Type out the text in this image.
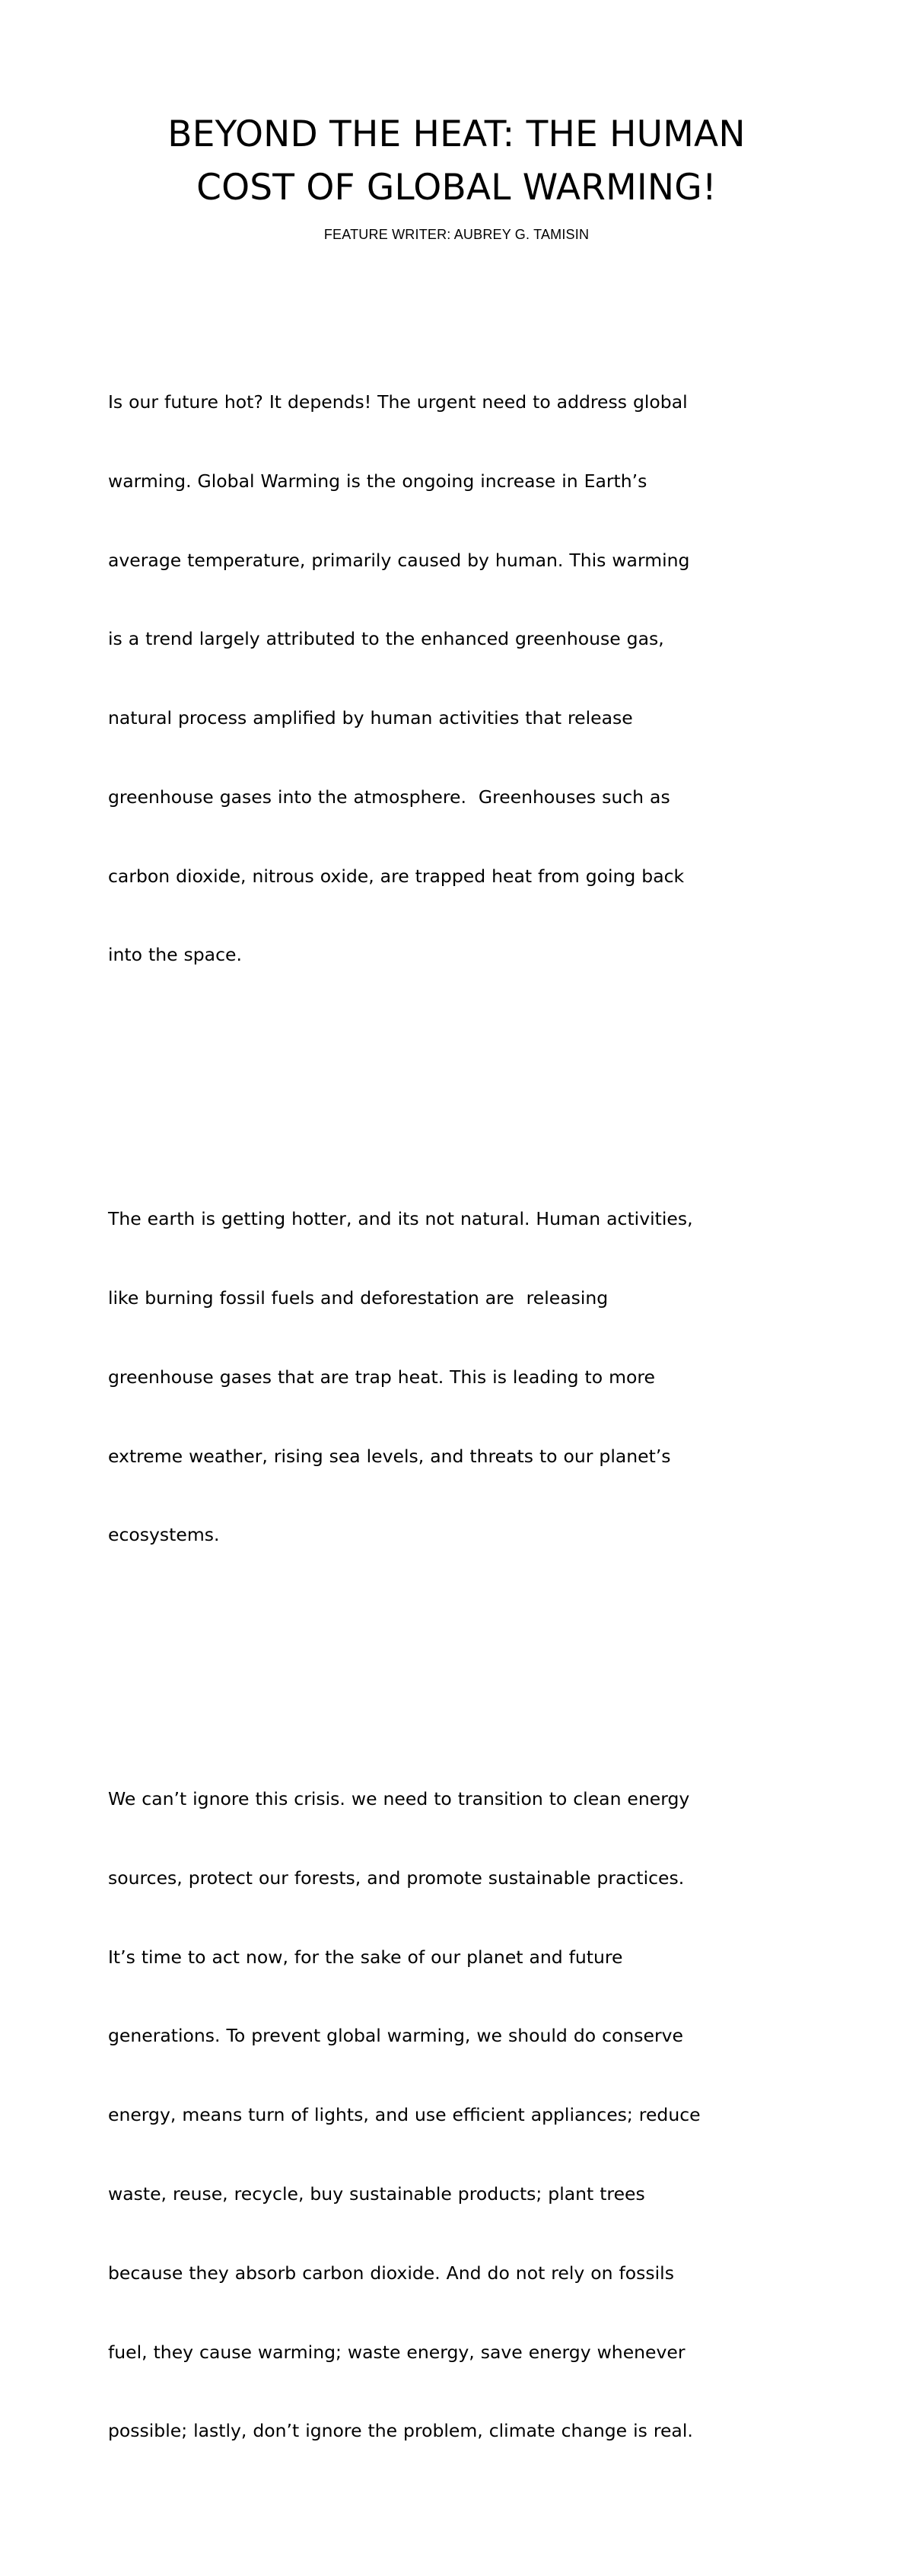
BEYOND THE HEAT: THE HUMAN
COST OF GLOBAL WARMING!

FEATURE WRITER: AUBREY G. TAMISIN

Is our future hot? It depends! The urgent need to address global

warming. Global Warming is the ongoing increase in Earth’s

average temperature, primarily caused by human. This warming

is a trend largely attributed to the enhanced greenhouse gas,

natural process amplified by human activities that release

greenhouse gases into the atmosphere.  Greenhouses such as

carbon dioxide, nitrous oxide, are trapped heat from going back

into the space.

The earth is getting hotter, and its not natural. Human activities,

like burning fossil fuels and deforestation are  releasing

greenhouse gases that are trap heat. This is leading to more

extreme weather, rising sea levels, and threats to our planet’s

ecosystems.

We can’t ignore this crisis. we need to transition to clean energy

sources, protect our forests, and promote sustainable practices.

It’s time to act now, for the sake of our planet and future

generations. To prevent global warming, we should do conserve

energy, means turn of lights, and use efficient appliances; reduce

waste, reuse, recycle, buy sustainable products; plant trees

because they absorb carbon dioxide. And do not rely on fossils

fuel, they cause warming; waste energy, save energy whenever

possible; lastly, don’t ignore the problem, climate change is real.
